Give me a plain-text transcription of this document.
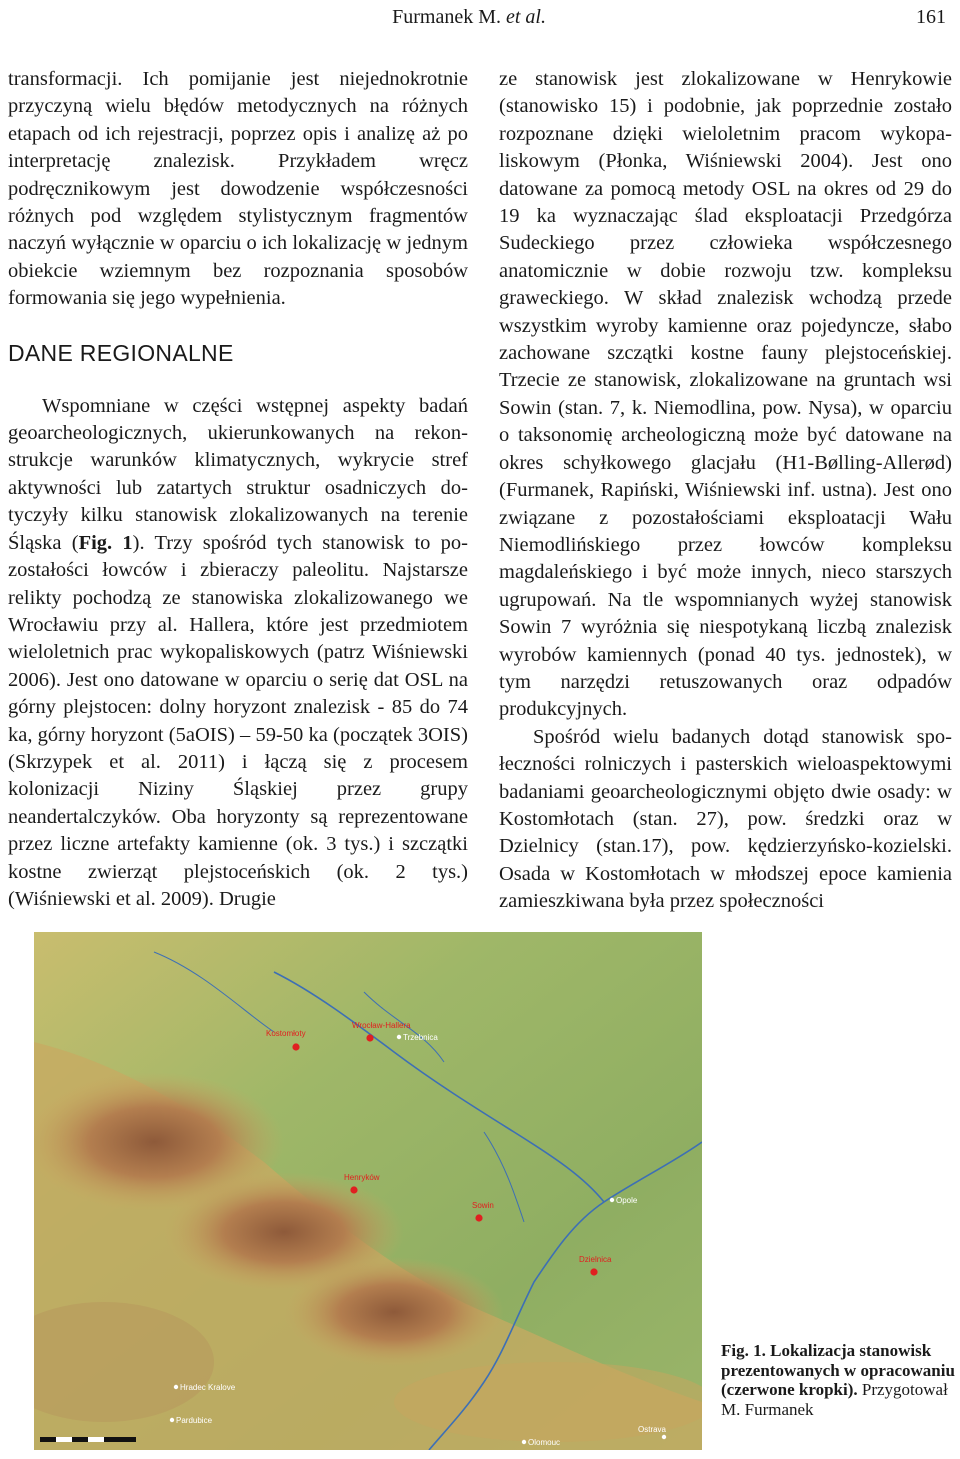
Furmanek M. et al.	161

transformacji. Ich pomijanie jest niejednokrotnie przyczyną wielu błędów metodycznych na różnych etapach od ich rejestracji, poprzez opis i analizę aż po interpretację znalezisk. Przykładem wręcz podręcznikowym jest dowodzenie współczesności różnych pod względem stylistycznym fragmentów naczyń wyłącznie w oparciu o ich lokalizację w jednym obiekcie wziemnym bez rozpoznania sposobów formowania się jego wypełnienia.

DANE REGIONALNE

Wspomniane w części wstępnej aspekty badań geoarcheologicznych, ukierunkowanych na rekonstrukcje warunków klimatycznych, wykrycie stref aktywności lub zatartych struktur osadniczych dotyczyły kilku stanowisk zlokalizowanych na terenie Śląska (Fig. 1). Trzy spośród tych stanowisk to pozostałości łowców i zbieraczy paleolitu. Najstarsze relikty pochodzą ze stanowiska zlokalizowanego we Wrocławiu przy al. Hallera, które jest przedmiotem wieloletnich prac wykopaliskowych (patrz Wiśniewski 2006). Jest ono datowane w oparciu o serię dat OSL na górny plejstocen: dolny horyzont znalezisk - 85 do 74 ka, górny horyzont (5aOIS) – 59-50 ka (początek 3OIS)(Skrzypek et al. 2011) i łączą się z procesem kolonizacji Niziny Śląskiej przez grupy neandertalczyków. Oba horyzonty są reprezentowane przez liczne artefakty kamienne (ok. 3 tys.) i szczątki kostne zwierząt plejstoceńskich (ok. 2 tys.) (Wiśniewski et al. 2009). Drugie

ze stanowisk jest zlokalizowane w Henrykowie (stanowisko 15) i podobnie, jak poprzednie zostało rozpoznane dzięki wieloletnim pracom wykopaliskowym (Płonka, Wiśniewski 2004). Jest ono datowane za pomocą metody OSL na okres od 29 do 19 ka wyznaczając ślad eksploatacji Przedgórza Sudeckiego przez człowieka współczesnego anatomicznie w dobie rozwoju tzw. kompleksu graweckiego. W skład znalezisk wchodzą przede wszystkim wyroby kamienne oraz pojedyncze, słabo zachowane szczątki kostne fauny plejstoceńskiej. Trzecie ze stanowisk, zlokalizowane na gruntach wsi Sowin (stan. 7, k. Niemodlina, pow. Nysa), w oparciu o taksonomię archeologiczną może być datowane na okres schyłkowego glacjału (H1-Bølling-Allerød) (Furmanek, Rapiński, Wiśniewski inf. ustna). Jest ono związane z pozostałościami eksploatacji Wału Niemodlińskiego przez łowców kompleksu magdaleńskiego i być może innych, nieco starszych ugrupowań. Na tle wspomnianych wyżej stanowisk Sowin 7 wyróżnia się niespotykaną liczbą znalezisk wyrobów kamiennych (ponad 40 tys. jednostek), w tym narzędzi retuszowanych oraz odpadów produkcyjnych.

Spośród wielu badanych dotąd stanowisk społeczności rolniczych i pasterskich wieloaspektowymi badaniami geoarcheologicznymi objęto dwie osady: w Kostomłotach (stan. 27), pow. średzki oraz w Dzielnicy (stan.17), pow. kędzierzyńsko-kozielski. Osada w Kostomłotach w młodszej epoce kamienia zamieszkiwana była przez społeczności

Trzebnica
Opole
Hradec Kralove
Pardubice
Ostrava
Olomouc
Kostomłoty
Wrocław-Hallera
Henryków
Sowin
Dzielnica
Fig. 1. Lokalizacja stanowisk prezentowanych w opracowaniu (czerwone kropki). Przygotował M. Furmanek
